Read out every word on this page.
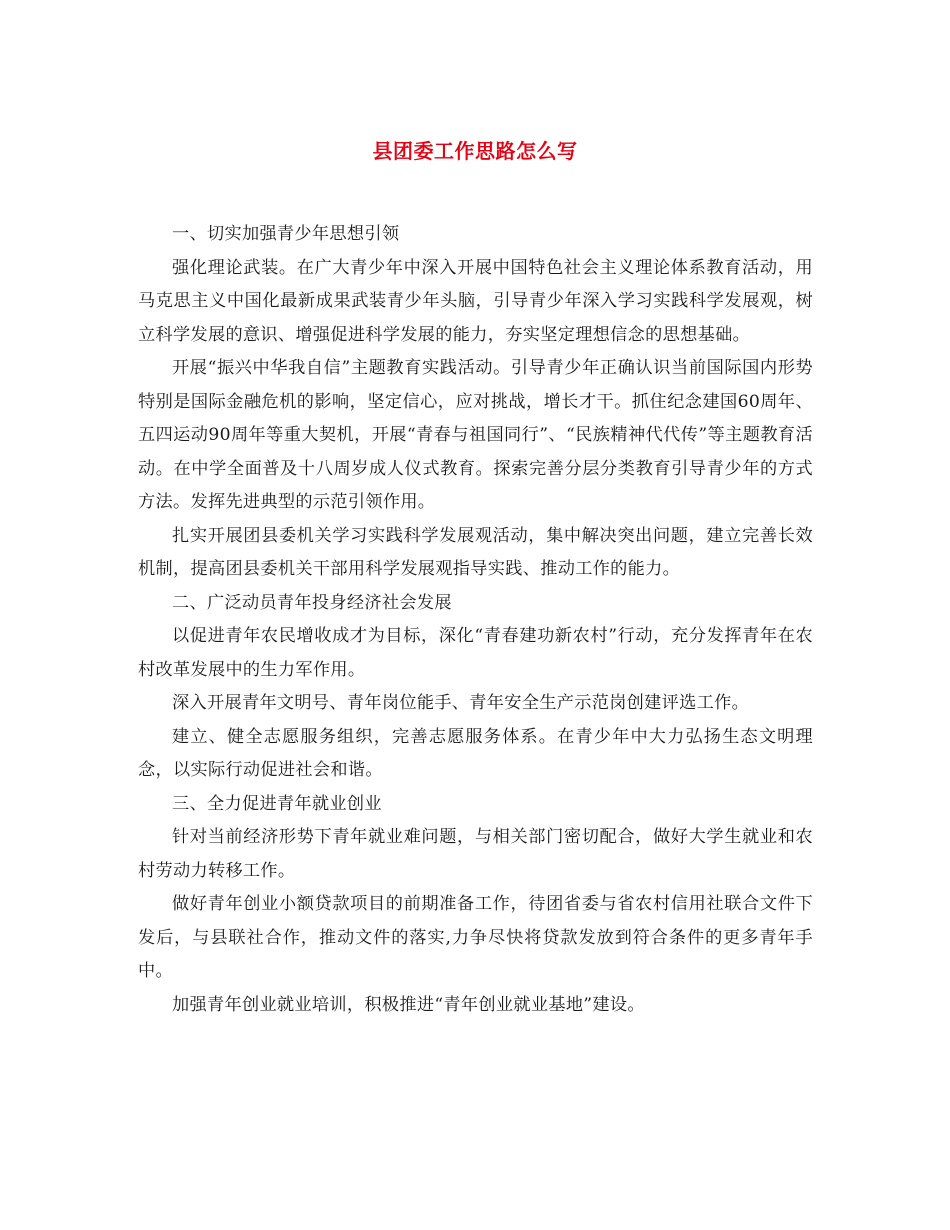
县团委工作思路怎么写

一、切实加强青少年思想引领

强化理论武装。在广大青少年中深入开展中国特色社会主义理论体系教育活动，用马克思主义中国化最新成果武装青少年头脑，引导青少年深入学习实践科学发展观，树立科学发展的意识、增强促进科学发展的能力，夯实坚定理想信念的思想基础。

开展“振兴中华我自信”主题教育实践活动。引导青少年正确认识当前国际国内形势特别是国际金融危机的影响，坚定信心，应对挑战，增长才干。抓住纪念建国60周年、五四运动90周年等重大契机，开展“青春与祖国同行”、“民族精神代代传”等主题教育活动。在中学全面普及十八周岁成人仪式教育。探索完善分层分类教育引导青少年的方式方法。发挥先进典型的示范引领作用。

扎实开展团县委机关学习实践科学发展观活动，集中解决突出问题，建立完善长效机制，提高团县委机关干部用科学发展观指导实践、推动工作的能力。

二、广泛动员青年投身经济社会发展

以促进青年农民增收成才为目标，深化“青春建功新农村”行动，充分发挥青年在农村改革发展中的生力军作用。

深入开展青年文明号、青年岗位能手、青年安全生产示范岗创建评选工作。

建立、健全志愿服务组织，完善志愿服务体系。在青少年中大力弘扬生态文明理念，以实际行动促进社会和谐。

三、全力促进青年就业创业

针对当前经济形势下青年就业难问题，与相关部门密切配合，做好大学生就业和农村劳动力转移工作。

做好青年创业小额贷款项目的前期准备工作，待团省委与省农村信用社联合文件下发后，与县联社合作，推动文件的落实,力争尽快将贷款发放到符合条件的更多青年手中。

加强青年创业就业培训，积极推进“青年创业就业基地”建设。
